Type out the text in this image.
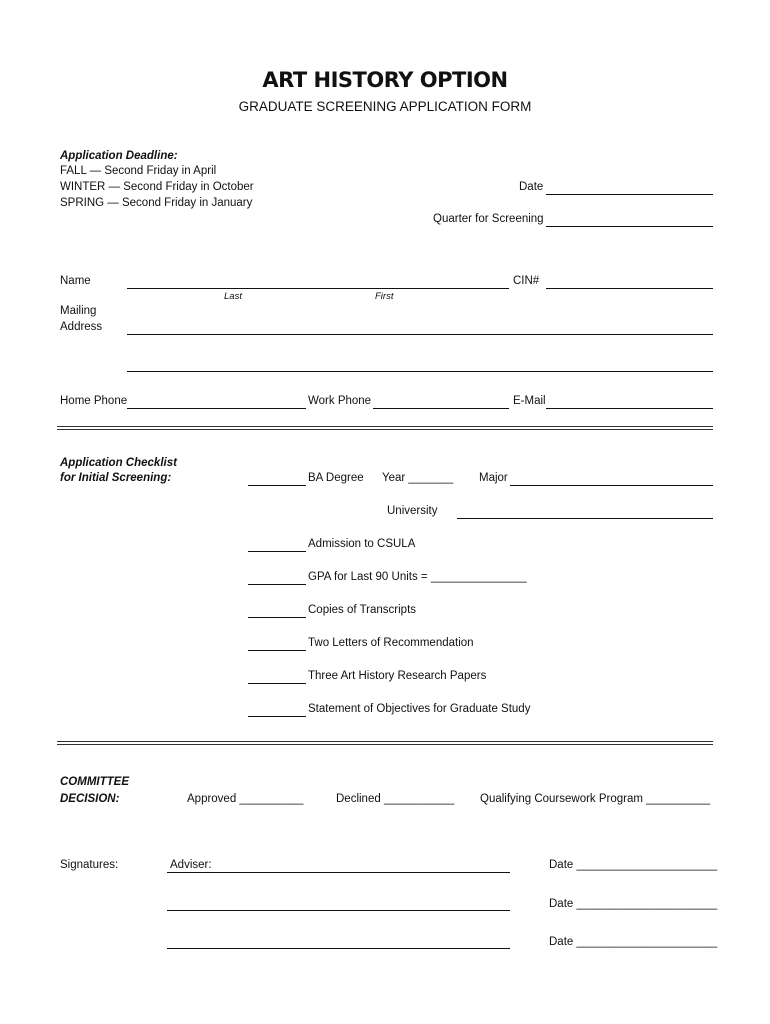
ART HISTORY OPTION
GRADUATE SCREENING APPLICATION FORM
Application Deadline:
FALL — Second Friday in April
WINTER — Second Friday in October
SPRING — Second Friday in January
Date
Quarter for Screening
Name
Last	First
CIN#
Mailing
Address
Home Phone	Work Phone	E-Mail
Application Checklist
for Initial Screening:	BA Degree Year _______ Major
University
Admission to CSULA
GPA for Last 90 Units = _______________
Copies of Transcripts
Two Letters of Recommendation
Three Art History Research Papers
Statement of Objectives for Graduate Study
COMMITTEE
DECISION:	Approved __________	Declined ___________ Qualifying Coursework Program __________
Signatures:	Adviser:	Date ______________________
Date ______________________
Date ______________________
